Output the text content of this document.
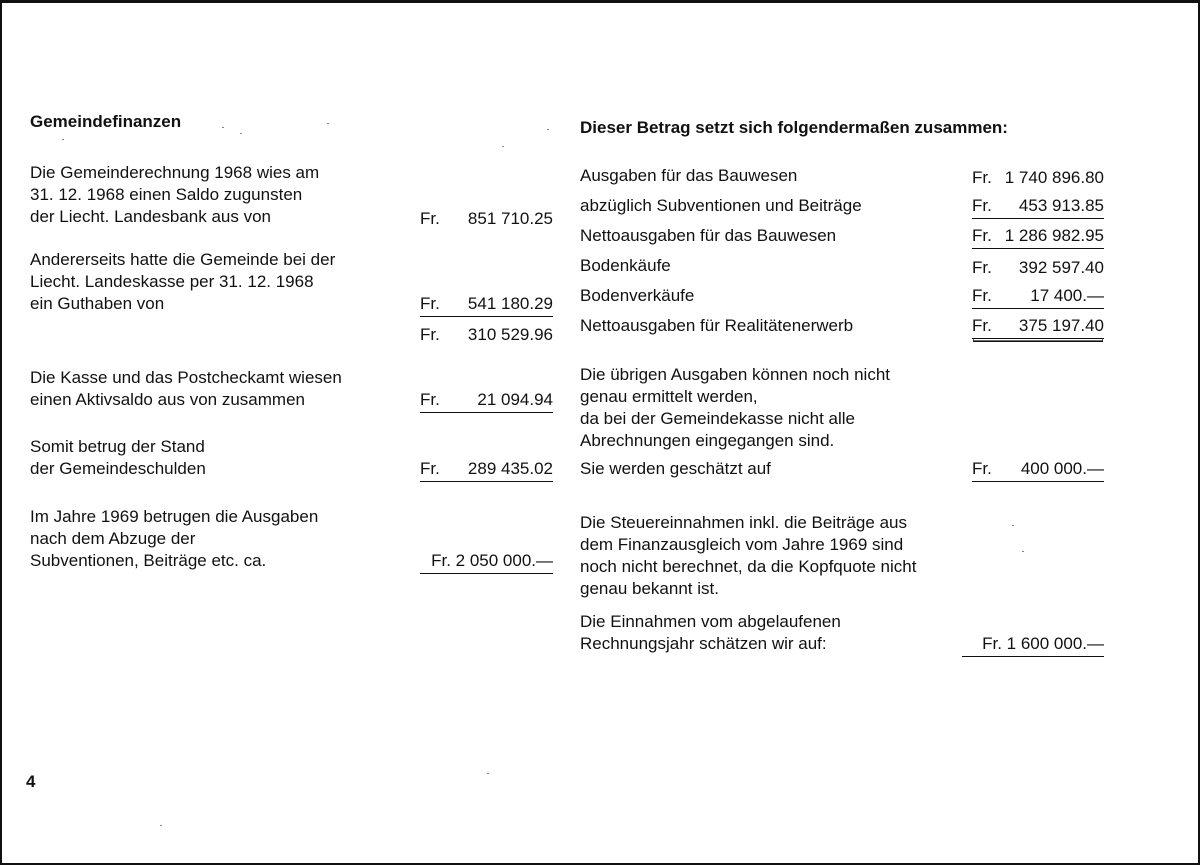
Gemeindefinanzen
Die Gemeinderechnung 1968 wies am
31. 12. 1968 einen Saldo zugunsten
der Liecht. Landesbank aus von	Fr. 851 710.25
Andererseits hatte die Gemeinde bei der
Liecht. Landeskasse per 31. 12. 1968
ein Guthaben von	Fr. 541 180.29
Fr. 310 529.96
Die Kasse und das Postcheckamt wiesen
einen Aktivsaldo aus von zusammen	Fr. 21 094.94
Somit betrug der Stand
der Gemeindeschulden	Fr. 289 435.02
Im Jahre 1969 betrugen die Ausgaben
nach dem Abzuge der
Subventionen, Beiträge etc. ca.	Fr. 2 050 000.—
Dieser Betrag setzt sich folgendermaßen zusammen:
Ausgaben für das Bauwesen	Fr. 1 740 896.80
abzüglich Subventionen und Beiträge	Fr. 453 913.85
Nettoausgaben für das Bauwesen	Fr. 1 286 982.95
Bodenkäufe	Fr. 392 597.40
Bodenverkäufe	Fr. 17 400.—
Nettoausgaben für Realitätenerwerb	Fr. 375 197.40
Die übrigen Ausgaben können noch nicht
genau ermittelt werden,
da bei der Gemeindekasse nicht alle
Abrechnungen eingegangen sind.
Sie werden geschätzt auf	Fr. 400 000.—
Die Steuereinnahmen inkl. die Beiträge aus
dem Finanzausgleich vom Jahre 1969 sind
noch nicht berechnet, da die Kopfquote nicht
genau bekannt ist.
Die Einnahmen vom abgelaufenen
Rechnungsjahr schätzen wir auf:	Fr. 1 600 000.—
4
